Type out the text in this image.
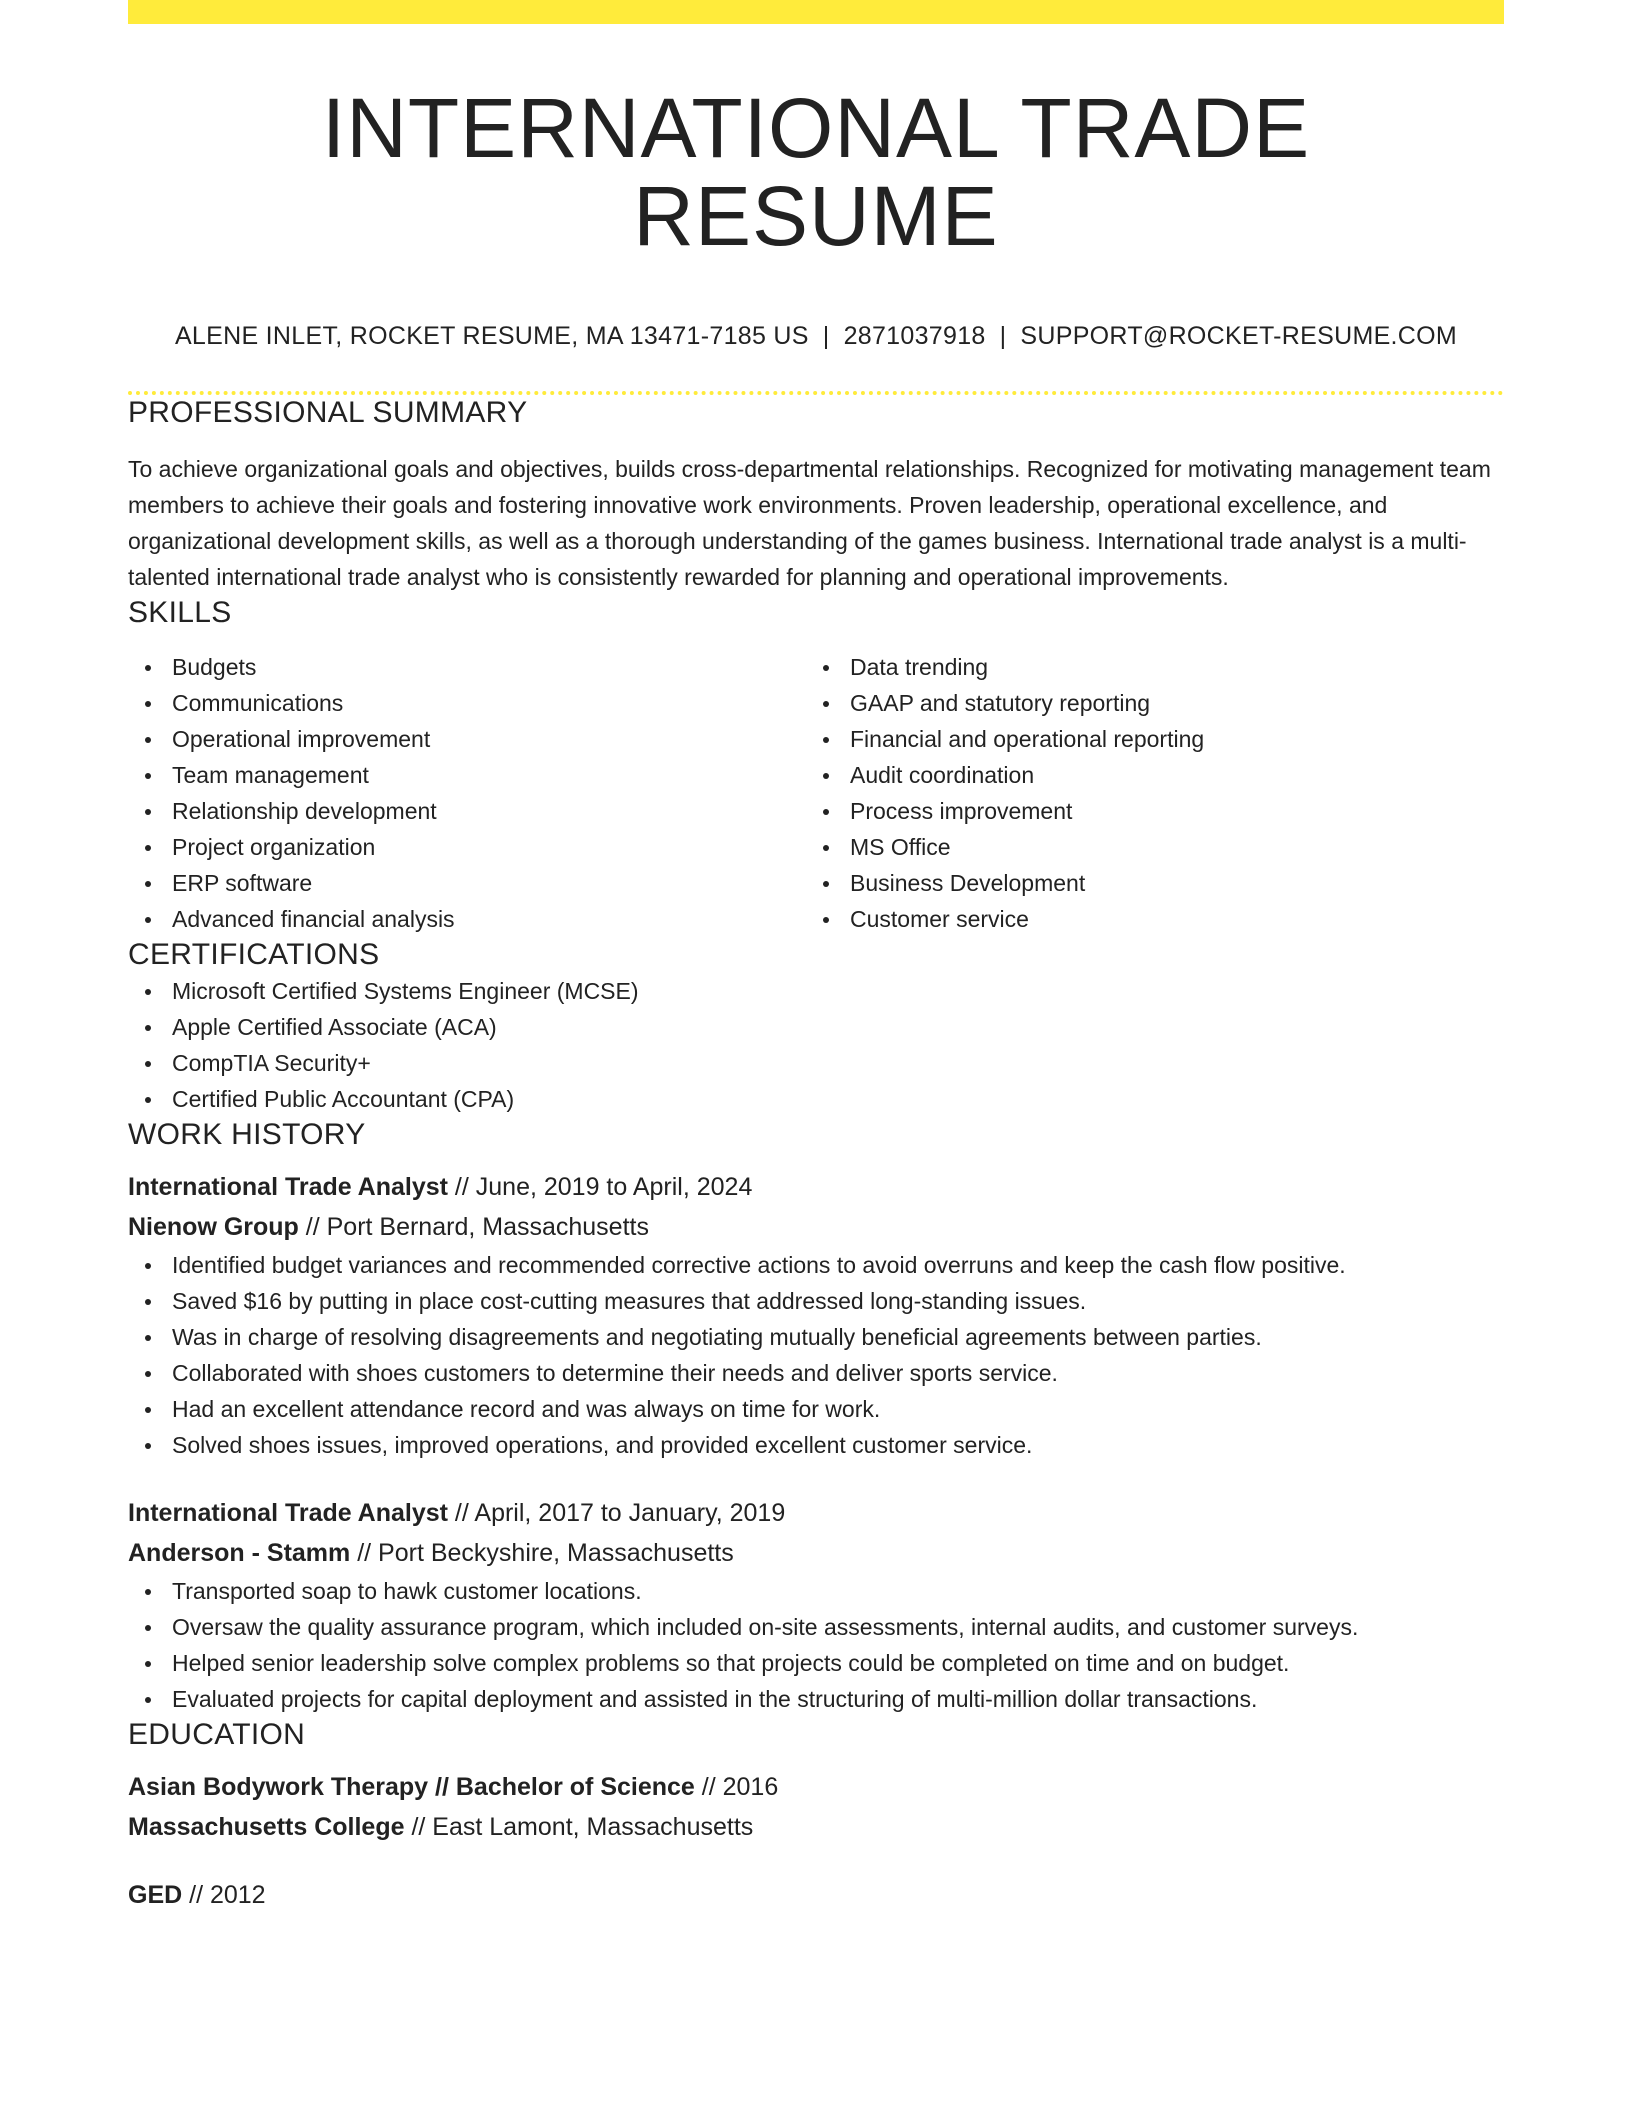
INTERNATIONAL TRADE RESUME
ALENE INLET, ROCKET RESUME, MA 13471-7185 US | 2871037918 | SUPPORT@ROCKET-RESUME.COM
PROFESSIONAL SUMMARY

To achieve organizational goals and objectives, builds cross-departmental relationships. Recognized for motivating management team members to achieve their goals and fostering innovative work environments. Proven leadership, operational excellence, and organizational development skills, as well as a thorough understanding of the games business. International trade analyst is a multi-talented international trade analyst who is consistently rewarded for planning and operational improvements.

SKILLS
Budgets
Communications
Operational improvement
Team management
Relationship development
Project organization
ERP software
Advanced financial analysis
Data trending
GAAP and statutory reporting
Financial and operational reporting
Audit coordination
Process improvement
MS Office
Business Development
Customer service
CERTIFICATIONS
Microsoft Certified Systems Engineer (MCSE)
Apple Certified Associate (ACA)
CompTIA Security+
Certified Public Accountant (CPA)
WORK HISTORY
International Trade Analyst // June, 2019 to April, 2024
Nienow Group // Port Bernard, Massachusetts
Identified budget variances and recommended corrective actions to avoid overruns and keep the cash flow positive.
Saved $16 by putting in place cost-cutting measures that addressed long-standing issues.
Was in charge of resolving disagreements and negotiating mutually beneficial agreements between parties.
Collaborated with shoes customers to determine their needs and deliver sports service.
Had an excellent attendance record and was always on time for work.
Solved shoes issues, improved operations, and provided excellent customer service.
International Trade Analyst // April, 2017 to January, 2019
Anderson - Stamm // Port Beckyshire, Massachusetts
Transported soap to hawk customer locations.
Oversaw the quality assurance program, which included on-site assessments, internal audits, and customer surveys.
Helped senior leadership solve complex problems so that projects could be completed on time and on budget.
Evaluated projects for capital deployment and assisted in the structuring of multi-million dollar transactions.
EDUCATION
Asian Bodywork Therapy // Bachelor of Science // 2016
Massachusetts College // East Lamont, Massachusetts
GED // 2012
